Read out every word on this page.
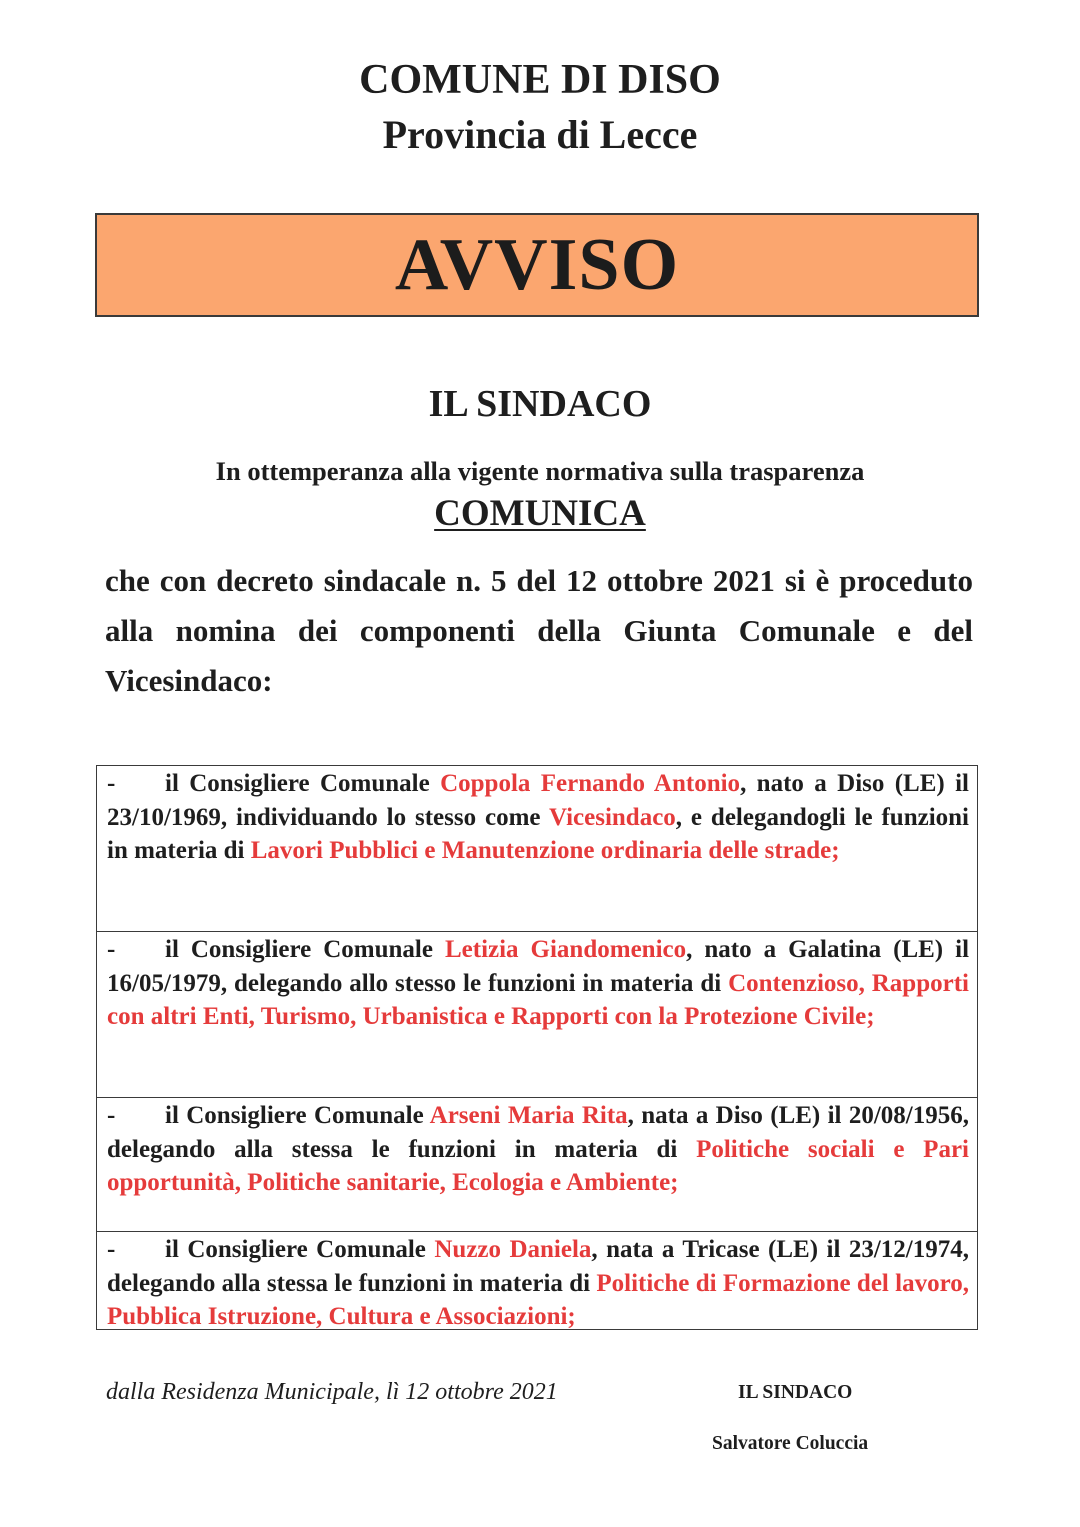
COMUNE DI DISO
Provincia di Lecce
AVVISO
IL SINDACO
In ottemperanza alla vigente normativa sulla trasparenza
COMUNICA
che con decreto sindacale n. 5 del 12 ottobre 2021 si è proceduto alla nomina dei componenti della Giunta Comunale e del Vicesindaco:

- il Consigliere Comunale Coppola Fernando Antonio, nato a Diso (LE) il 23/10/1969, individuando lo stesso come Vicesindaco, e delegandogli le funzioni in materia di Lavori Pubblici e Manutenzione ordinaria delle strade;

- il Consigliere Comunale Letizia Giandomenico, nato a Galatina (LE) il 16/05/1979, delegando allo stesso le funzioni in materia di Contenzioso, Rapporti con altri Enti, Turismo, Urbanistica e Rapporti con la Protezione Civile;

- il Consigliere Comunale Arseni Maria Rita, nata a Diso (LE) il 20/08/1956, delegando alla stessa le funzioni in materia di Politiche sociali e Pari opportunità, Politiche sanitarie, Ecologia e Ambiente;

- il Consigliere Comunale Nuzzo Daniela, nata a Tricase (LE) il 23/12/1974, delegando alla stessa le funzioni in materia di Politiche di Formazione del lavoro, Pubblica Istruzione, Cultura e Associazioni;

dalla Residenza Municipale, lì 12 ottobre 2021	IL SINDACO
Salvatore Coluccia
